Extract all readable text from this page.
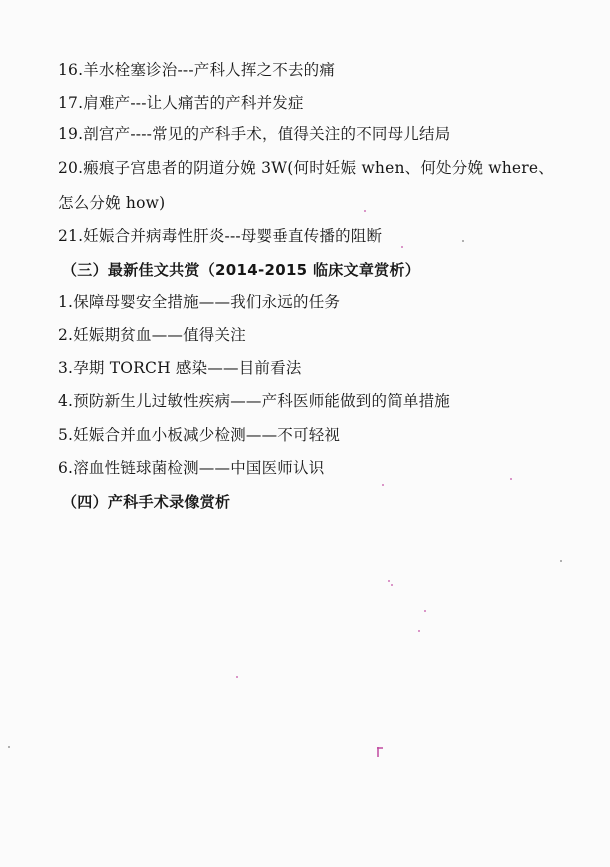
16.羊水栓塞诊治---产科人挥之不去的痛
17.肩难产---让人痛苦的产科并发症
19.剖宫产----常见的产科手术，值得关注的不同母儿结局
20.瘢痕子宫患者的阴道分娩 3W(何时妊娠 when、何处分娩 where、
怎么分娩 how)
21.妊娠合并病毒性肝炎---母婴垂直传播的阻断
（三）最新佳文共赏（2014-2015 临床文章赏析）
1.保障母婴安全措施——我们永远的任务
2.妊娠期贫血——值得关注
3.孕期 TORCH 感染——目前看法
4.预防新生儿过敏性疾病——产科医师能做到的简单措施
5.妊娠合并血小板减少检测——不可轻视
6.溶血性链球菌检测——中国医师认识
（四）产科手术录像赏析
